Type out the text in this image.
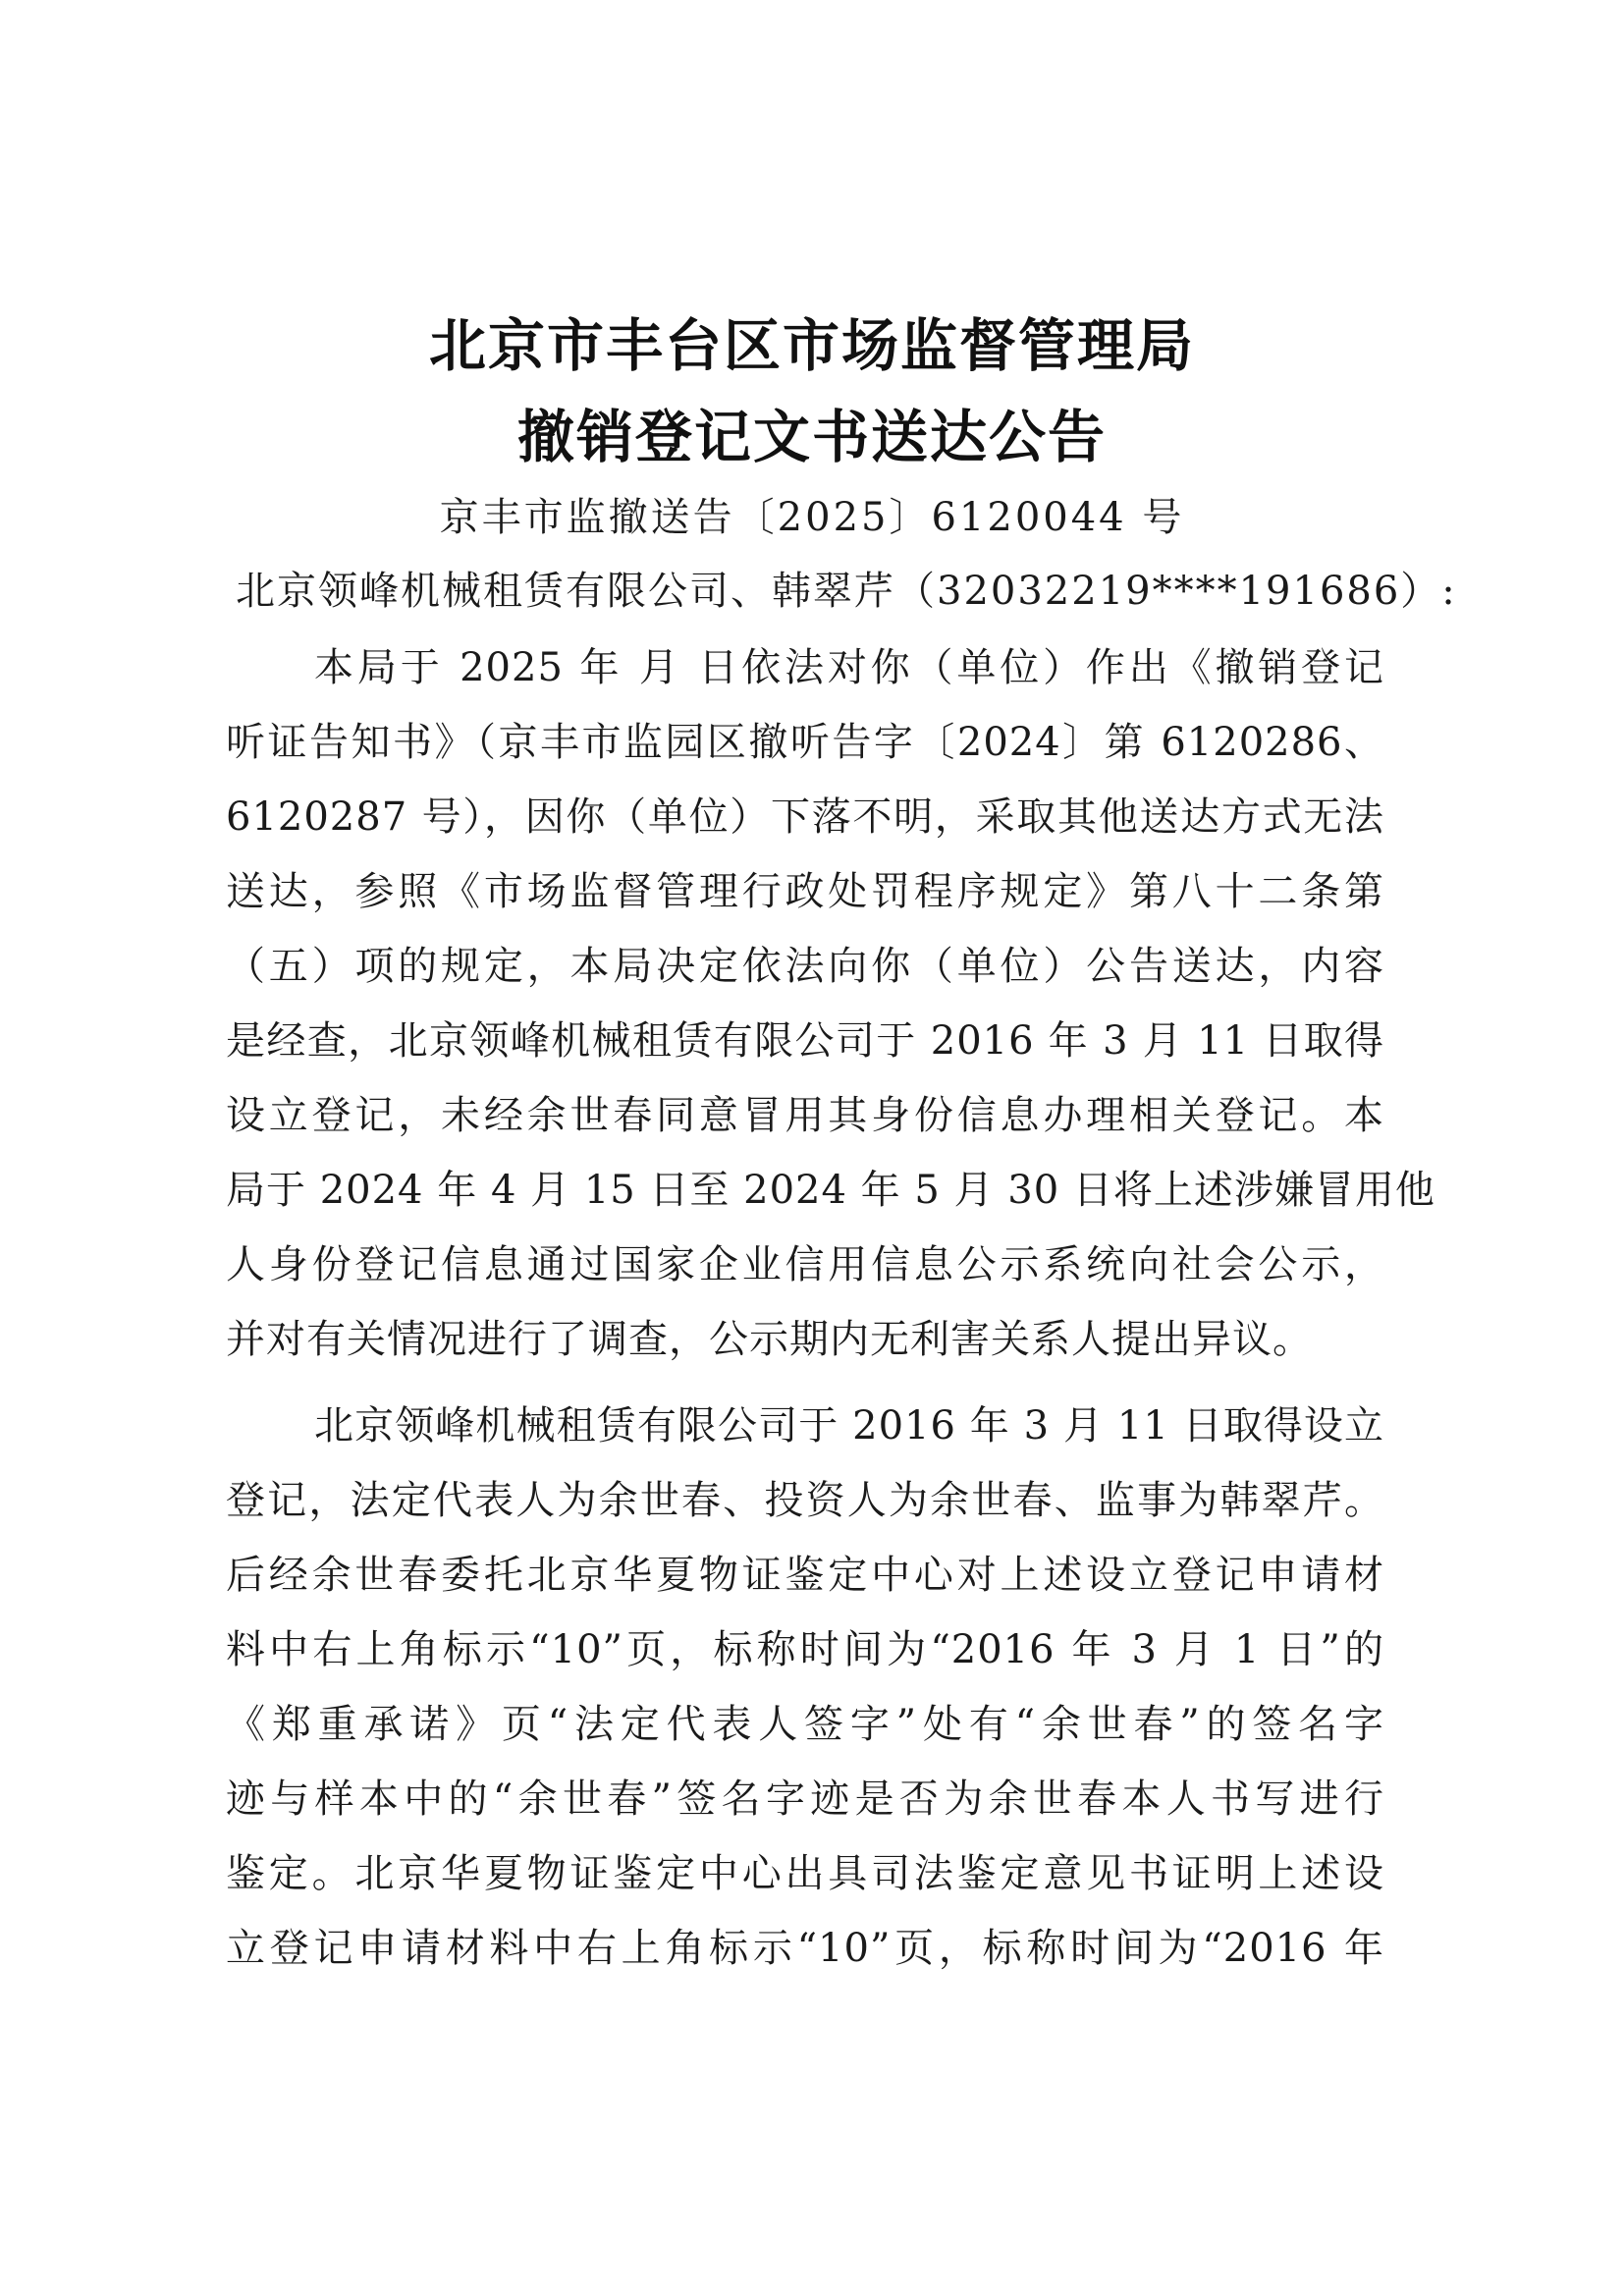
北京市丰台区市场监督管理局
撤销登记文书送达公告
京丰市监撤送告〔2025〕6120044 号
北京领峰机械租赁有限公司、韩翠芹（32032219****191686）:
本局于 2025 年 月 日依法对你（单位）作出《撤销登记
听证告知书》（京丰市监园区撤听告字〔2024〕第 6120286、
6120287 号），因你（单位）下落不明，采取其他送达方式无法
送达，参照《市场监督管理行政处罚程序规定》第八十二条第
（五）项的规定，本局决定依法向你（单位）公告送达，内容
是经查，北京领峰机械租赁有限公司于 2016 年 3 月 11 日取得
设立登记，未经余世春同意冒用其身份信息办理相关登记。本
局于 2024 年 4 月 15 日至 2024 年 5 月 30 日将上述涉嫌冒用他
人身份登记信息通过国家企业信用信息公示系统向社会公示，
并对有关情况进行了调查，公示期内无利害关系人提出异议。
北京领峰机械租赁有限公司于 2016 年 3 月 11 日取得设立
登记，法定代表人为余世春、投资人为余世春、监事为韩翠芹。
后经余世春委托北京华夏物证鉴定中心对上述设立登记申请材
料中右上角标示“10”页，标称时间为“2016 年 3 月 1 日”的
《郑重承诺》页“法定代表人签字”处有“余世春”的签名字
迹与样本中的“余世春”签名字迹是否为余世春本人书写进行
鉴定。北京华夏物证鉴定中心出具司法鉴定意见书证明上述设
立登记申请材料中右上角标示“10”页，标称时间为“2016 年
